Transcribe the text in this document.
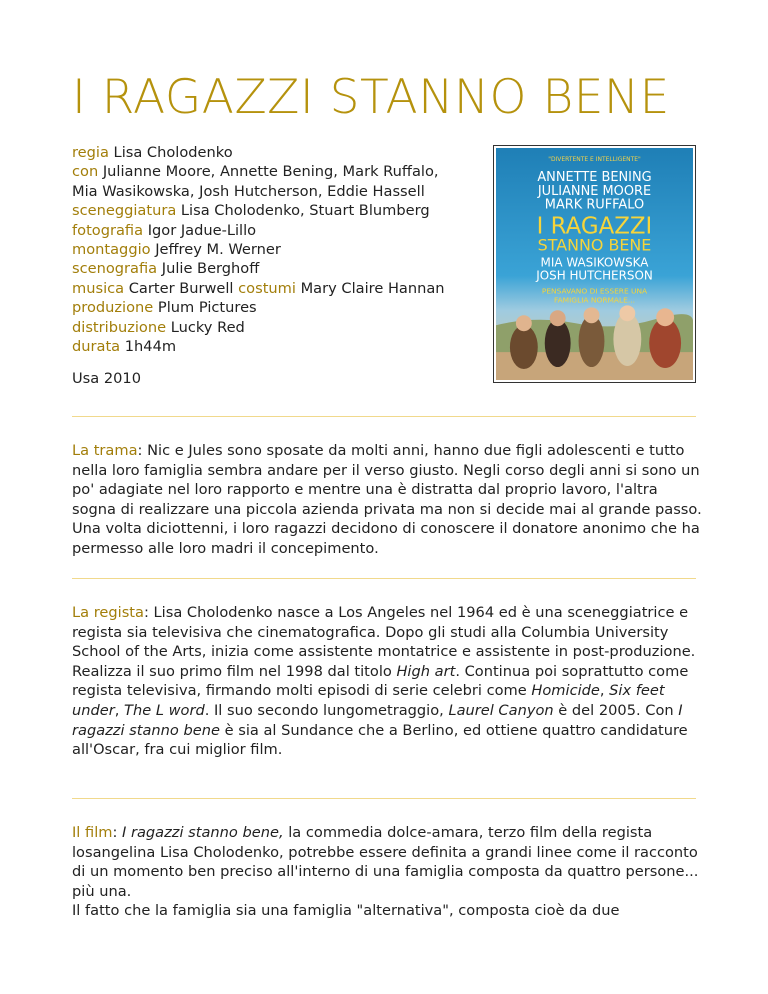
I RAGAZZI STANNO BENE
regia Lisa Cholodenko
con Julianne Moore, Annette Bening, Mark Ruffalo,
Mia Wasikowska, Josh Hutcherson, Eddie Hassell
sceneggiatura Lisa Cholodenko, Stuart Blumberg
fotografia Igor Jadue-Lillo
montaggio Jeffrey M. Werner
scenografia Julie Berghoff
musica Carter Burwell costumi Mary Claire Hannan
produzione Plum Pictures
distribuzione Lucky Red
durata 1h44m
Usa 2010
"DIVERTENTE E INTELLIGENTE"
ANNETTE BENING
JULIANNE MOORE
MARK RUFFALO
I RAGAZZI
STANNO BENE
MIA WASIKOWSKA
JOSH HUTCHERSON
PENSAVANO DI ESSERE UNA
FAMIGLIA NORMALE...

La trama: Nic e Jules sono sposate da molti anni, hanno due figli adolescenti e tutto nella loro famiglia sembra andare per il verso giusto. Negli corso degli anni si sono un po' adagiate nel loro rapporto e mentre una è distratta dal proprio lavoro, l'altra sogna di realizzare una piccola azienda privata ma non si decide mai al grande passo. Una volta diciottenni, i loro ragazzi decidono di conoscere il donatore anonimo che ha permesso alle loro madri il concepimento.

La regista: Lisa Cholodenko nasce a Los Angeles nel 1964 ed è una sceneggiatrice e regista sia televisiva che cinematografica. Dopo gli studi alla Columbia University School of the Arts, inizia come assistente montatrice e assistente in post-produzione. Realizza il suo primo film nel 1998 dal titolo High art. Continua poi soprattutto come regista televisiva, firmando molti episodi di serie celebri come Homicide, Six feet under, The L word. Il suo secondo lungometraggio, Laurel Canyon è del 2005. Con I ragazzi stanno bene è sia al Sundance che a Berlino, ed ottiene quattro candidature all'Oscar, fra cui miglior film.

Il film: I ragazzi stanno bene, la commedia dolce-amara, terzo film della regista losangelina Lisa Cholodenko, potrebbe essere definita a grandi linee come il racconto di un momento ben preciso all'interno di una famiglia composta da quattro persone... più una.
Il fatto che la famiglia sia una famiglia "alternativa", composta cioè da due
